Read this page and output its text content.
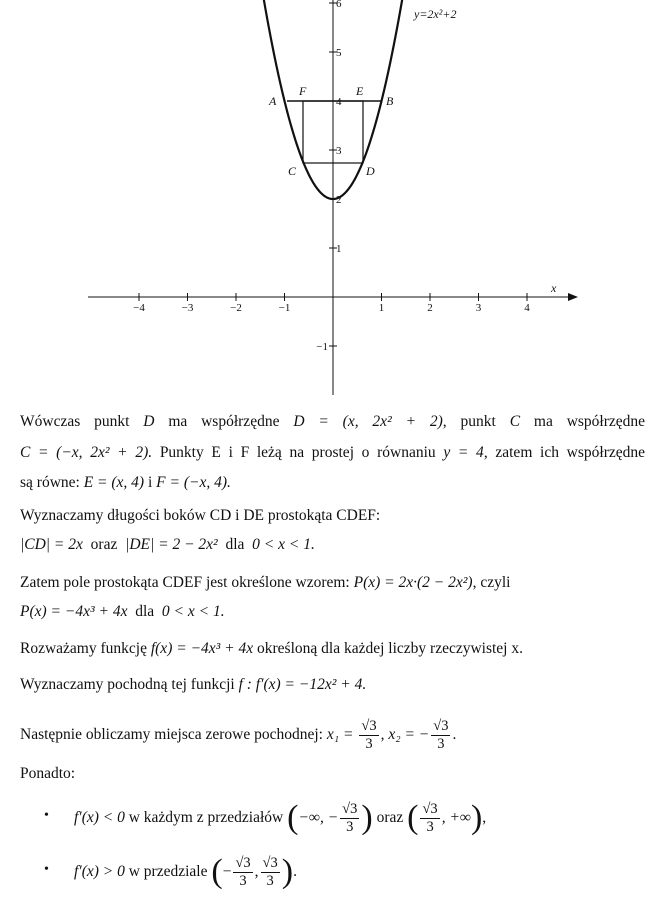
−4	−3	−2	−1	1	2	3	4
−1
1
2
3
4
5
6
A
F	E
B
C	D
y=2x²+2
x
Wówczas punkt D ma współrzędne D = (x, 2x² + 2), punkt C ma współrzędne
C = (−x, 2x² + 2). Punkty E i F leżą na prostej o równaniu y = 4, zatem ich współrzędne
są równe: E = (x, 4) i F = (−x, 4).
Wyznaczamy długości boków CD i DE prostokąta CDEF:
|CD| = 2x oraz |DE| = 2 − 2x² dla 0 < x < 1.
Zatem pole prostokąta CDEF jest określone wzorem: P(x) = 2x·(2 − 2x²), czyli
P(x) = −4x³ + 4x dla 0 < x < 1.
Rozważamy funkcję f(x) = −4x³ + 4x określoną dla każdej liczby rzeczywistej x.
Wyznaczamy pochodną tej funkcji f : f′(x) = −12x² + 4.
Następnie obliczamy miejsca zerowe pochodnej: $x_1 = \frac{√3}{3}$ , x₂ = − $\frac{√3}{3}$ .
Ponadto:
• f′(x) < 0 w każdym z przedziałów (−∞, − $\frac{√3}{3}$ ) oraz ( $\frac{√3}{3}$ , +∞),
• f′(x) > 0 w przedziale (− $\frac{√3}{3}$ , $\frac{√3}{3}$ ).
